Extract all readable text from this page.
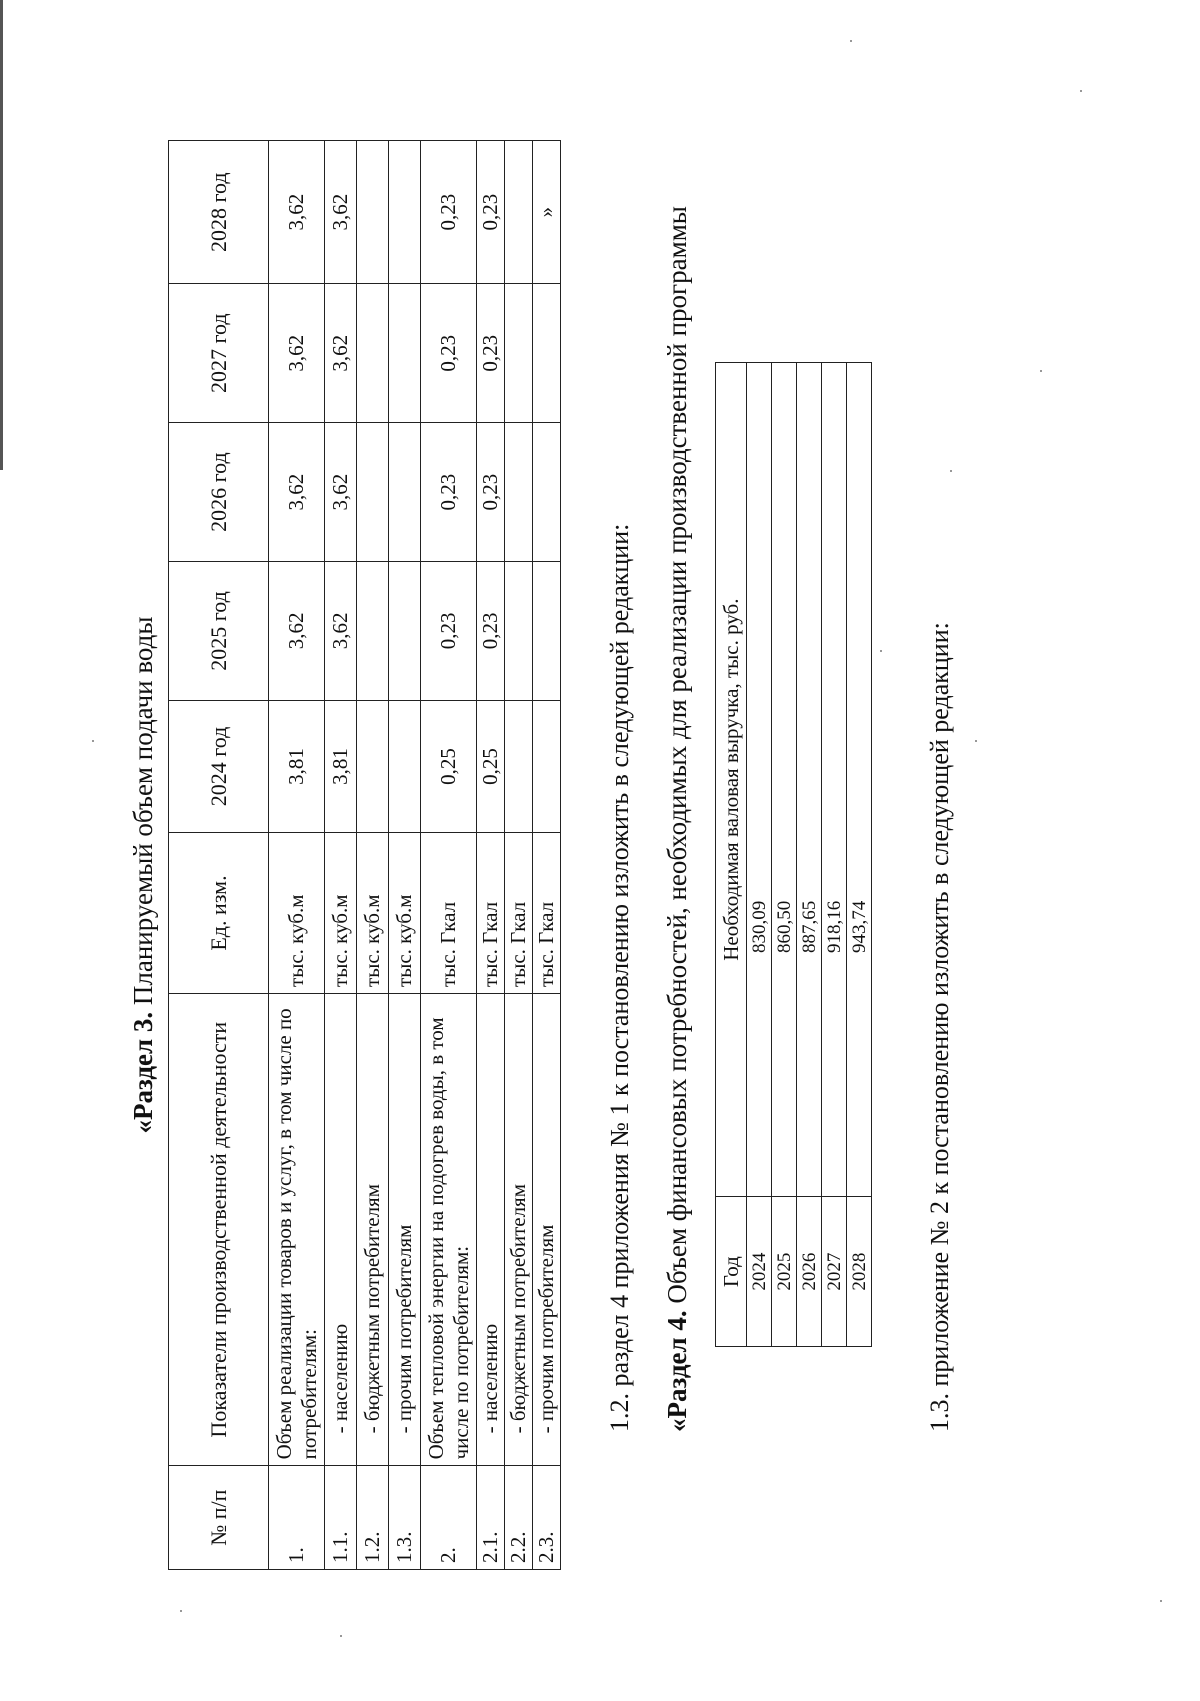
«Раздел 3. Планируемый объем подачи воды
№ п/п	Показатели производственной деятельности	Ед. изм.	2024 год	2025 год	2026 год	2027 год	2028 год
1.	Объем реализации товаров и услуг, в том числе по потребителям:	тыс. куб.м	3,81	3,62	3,62	3,62	3,62
1.1.	- населению	тыс. куб.м	3,81	3,62	3,62	3,62	3,62
1.2.	- бюджетным потребителям	тыс. куб.м					
1.3.	- прочим потребителям	тыс. куб.м					
2.	Объем тепловой энергии на подогрев воды, в том числе по потребителям:	тыс. Гкал	0,25	0,23	0,23	0,23	0,23
2.1.	- населению	тыс. Гкал	0,25	0,23	0,23	0,23	0,23
2.2.	- бюджетным потребителям	тыс. Гкал					
2.3.	- прочим потребителям	тыс. Гкал					»
1.2. раздел 4 приложения № 1 к постановлению изложить в следующей редакции: «Раздел 4. Объем финансовых потребностей, необходимых для реализации производственной программы Год	Необходимая валовая выручка, тыс. руб.
2024	830,09
2025	860,50
2026	887,65
2027	918,16
2028	943,74 1.3. приложение № 2 к постановлению изложить в следующей редакции:
